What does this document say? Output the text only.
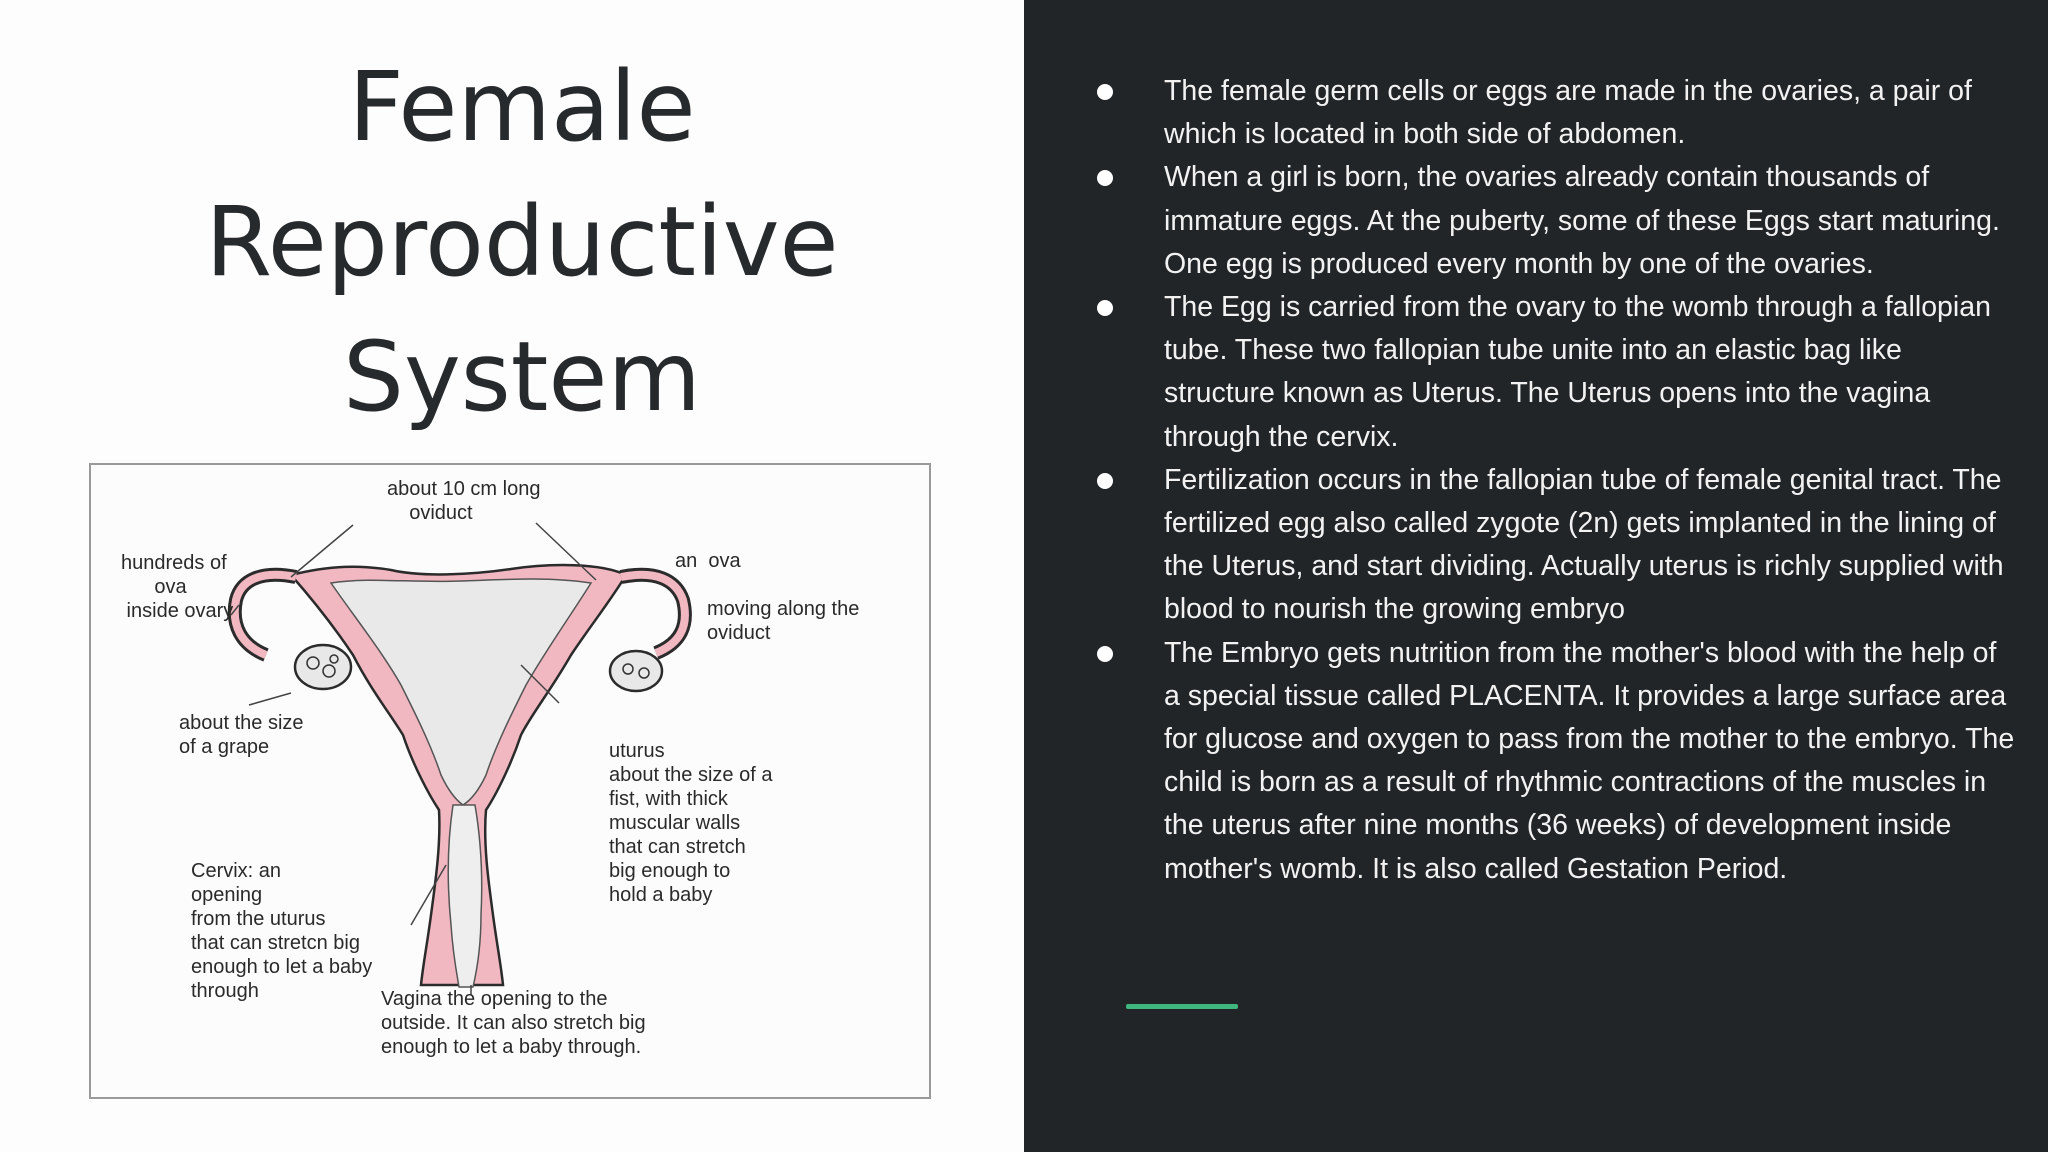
Female
Reproductive
System
about 10 cm long
oviduct
hundreds of
ova
inside ovary
an  ova
moving along the
oviduct
about the size
of a grape	uturus
about the size of a
fist, with thick
muscular walls
that can stretch
big enough to
hold a baby
Cervix: an
opening
from the uturus
that can stretcn big
enough to let a baby
through	Vagina the opening to the
outside. It can also stretch big
enough to let a baby through.
The female germ cells or eggs are made in the ovaries, a pair of which is located in both side of abdomen.
When a girl is born, the ovaries already contain thousands of immature eggs. At the puberty, some of these Eggs start maturing. One egg is produced every month by one of the ovaries.
The Egg is carried from the ovary to the womb through a fallopian tube. These two fallopian tube unite into an elastic bag like structure known as Uterus. The Uterus opens into the vagina through the cervix.
Fertilization occurs in the fallopian tube of female genital tract. The fertilized egg also called zygote (2n) gets implanted in the lining of the Uterus, and start dividing. Actually uterus is richly supplied with blood to nourish the growing embryo
The Embryo gets nutrition from the mother's blood with the help of a special tissue called PLACENTA. It provides a large surface area for glucose and oxygen to pass from the mother to the embryo. The child is born as a result of rhythmic contractions of the muscles in the uterus after nine months (36 weeks) of development inside mother's womb. It is also called Gestation Period.
